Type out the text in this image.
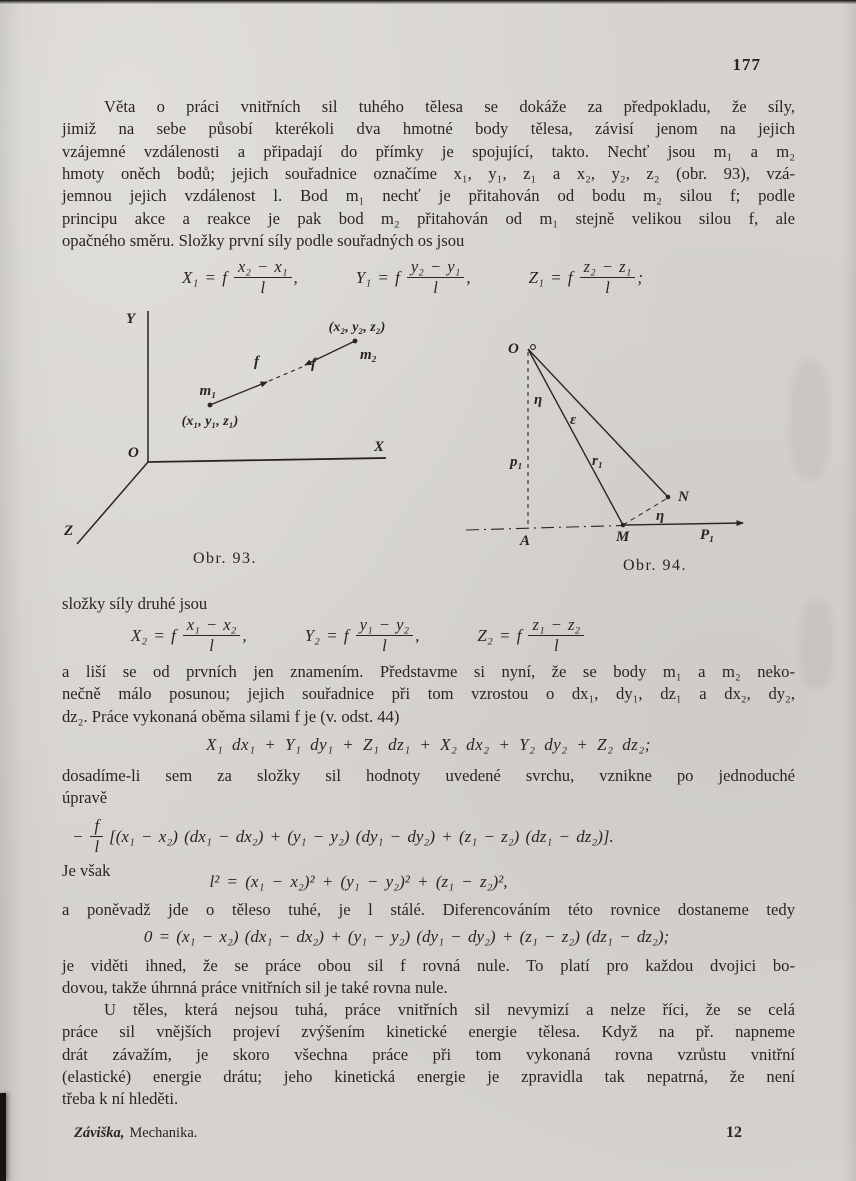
177
Věta o práci vnitřních sil tuhého tělesa se dokáže za předpokladu, že síly,
jimiž na sebe působí kterékoli dva hmotné body tělesa, závisí jenom na jejich
vzájemné vzdálenosti a připadají do přímky je spojující, takto. Nechť jsou m₁ a m₂
hmoty oněch bodů; jejich souřadnice označíme x₁, y₁, z₁ a x₂, y₂, z₂ (obr. 93), vzá-
jemnou jejich vzdálenost l. Bod m₁ nechť je přitahován od bodu m₂ silou f; podle
principu akce a reakce je pak bod m₂ přitahován od m₁ stejně velikou silou f, ale
opačného směru. Složky první síly podle souřadných os jsou
X₁ = f $\frac{\text{x₂ − x₁}}{l}$ ,	Y₁ = f $\frac{\text{y₂ − y₁}}{l}$ ,	Z₁ = f $\frac{\text{z₂ − z₁}}{l}$ ;
Y
O	X
Z
m₁
(x₁, y₁, z₁)
m₂
(x₂, y₂, z₂)
f	f
Obr. 93.
O
η
ε
p₁	r₁
N
η
A	M	P₁
Obr. 94.
složky síly druhé jsou
X₂ = f $\frac{\text{x₁ − x₂}}{l}$ ,	Y₂ = f $\frac{\text{y₁ − y₂}}{l}$ ,	Z₂ = f $\frac{\text{z₁ − z₂}}{l}$
a liší se od prvních jen znamením. Představme si nyní, že se body m₁ a m₂ neko-
nečně málo posunou; jejich souřadnice při tom vzrostou o dx₁, dy₁, dz₁ a dx₂, dy₂,
dz₂. Práce vykonaná oběma silami f je (v. odst. 44)
X₁ dx₁ + Y₁ dy₁ + Z₁ dz₁ + X₂ dx₂ + Y₂ dy₂ + Z₂ dz₂;
dosadíme-li sem za složky sil hodnoty uvedené svrchu, vznikne po jednoduché
úpravě
− $\frac{f}{l} [(x_1 - x_2) (dx_1 - dx_2) + (y_1 - y_2) (dy_1 - dy_2) + (z_1 - z_2) (dz_1 - dz_2)]$.
Je však
l² = (x₁ − x₂)² + (y₁ − y₂)² + (z₁ − z₂)²,
a poněvadž jde o těleso tuhé, je l stálé. Diferencováním této rovnice dostaneme tedy
0 = (x₁ − x₂) (dx₁ − dx₂) + (y₁ − y₂) (dy₁ − dy₂) + (z₁ − z₂) (dz₁ − dz₂);
je viděti ihned, že se práce obou sil f rovná nule. To platí pro každou dvojici bo-
dovou, takže úhrnná práce vnitřních sil je také rovna nule.
U těles, která nejsou tuhá, práce vnitřních sil nevymizí a nelze říci, že se celá
práce sil vnějších projeví zvýšením kinetické energie tělesa. Když na př. napneme
drát závažím, je skoro všechna práce při tom vykonaná rovna vzrůstu vnitřní
(elastické) energie drátu; jeho kinetická energie je zpravidla tak nepatrná, že není
třeba k ní hleděti.
Záviška, Mechanika.	12
